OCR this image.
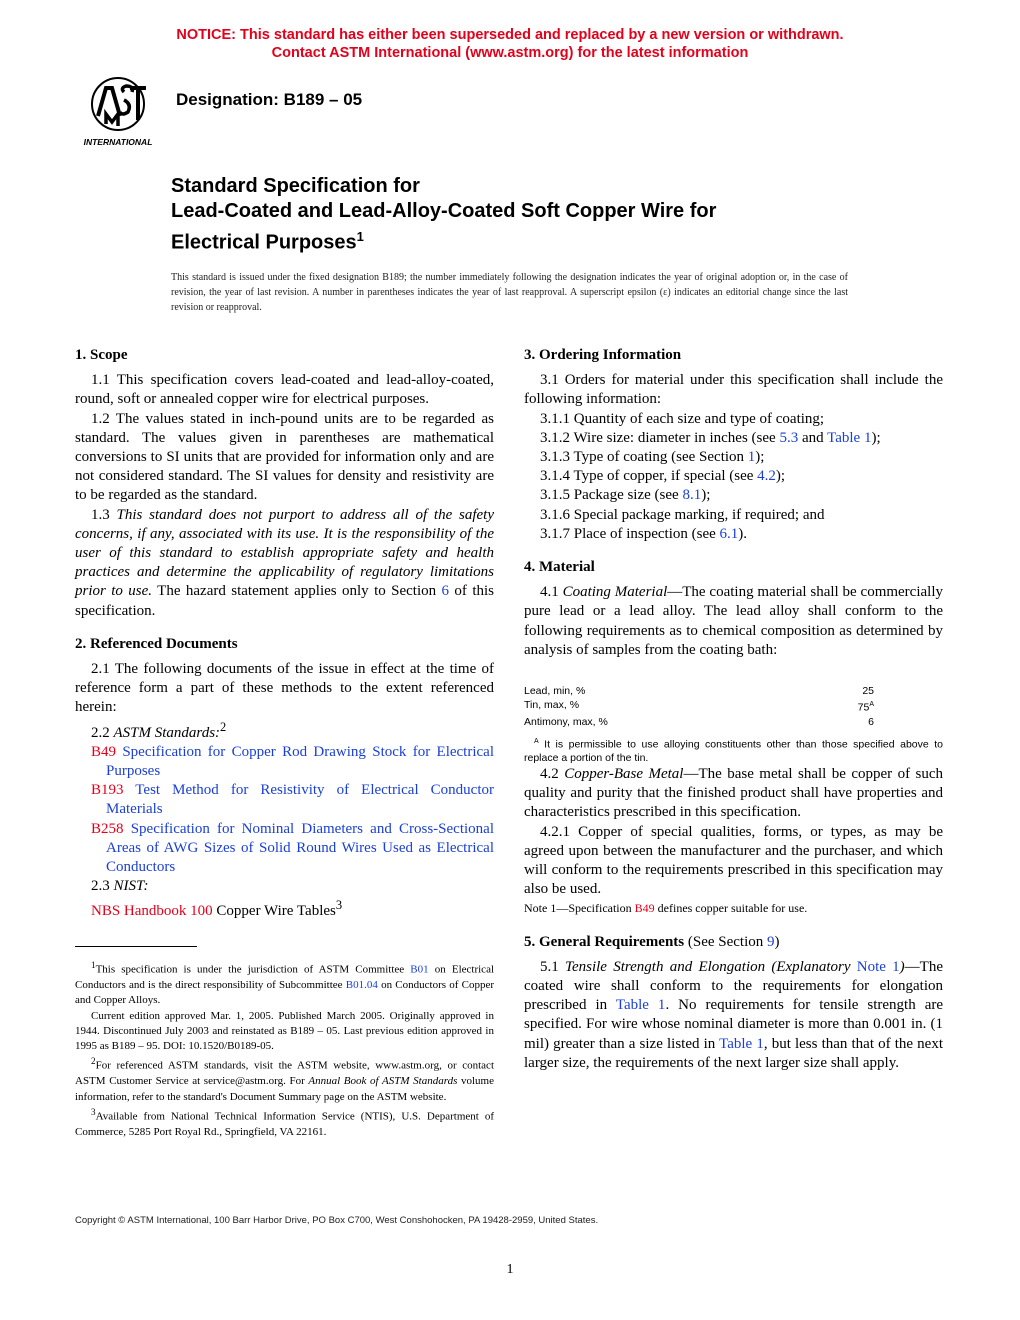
NOTICE: This standard has either been superseded and replaced by a new version or withdrawn.
Contact ASTM International (www.astm.org) for the latest information
INTERNATIONAL
Designation: B189 – 05
Standard Specification for
Lead-Coated and Lead-Alloy-Coated Soft Copper Wire for
Electrical Purposes$^1$
This standard is issued under the fixed designation B189; the number immediately following the designation indicates the year of original adoption or, in the case of revision, the year of last revision. A number in parentheses indicates the year of last reapproval. A superscript epsilon (ε) indicates an editorial change since the last revision or reapproval.
1. Scope

1.1 This specification covers lead-coated and lead-alloy-coated, round, soft or annealed copper wire for electrical purposes.

1.2 The values stated in inch-pound units are to be regarded as standard. The values given in parentheses are mathematical conversions to SI units that are provided for information only and are not considered standard. The SI values for density and resistivity are to be regarded as the standard.

1.3 This standard does not purport to address all of the safety concerns, if any, associated with its use. It is the responsibility of the user of this standard to establish appropriate safety and health practices and determine the applicability of regulatory limitations prior to use. The hazard statement applies only to Section 6 of this specification.

2. Referenced Documents

2.1 The following documents of the issue in effect at the time of reference form a part of these methods to the extent referenced herein:

2.2 ASTM Standards:$^2$

B49 Specification for Copper Rod Drawing Stock for Electrical Purposes

B193 Test Method for Resistivity of Electrical Conductor Materials

B258 Specification for Nominal Diameters and Cross-Sectional Areas of AWG Sizes of Solid Round Wires Used as Electrical Conductors

2.3 NIST:

NBS Handbook 100 Copper Wire Tables$^3$

$^1$This specification is under the jurisdiction of ASTM Committee B01 on Electrical Conductors and is the direct responsibility of Subcommittee B01.04 on Conductors of Copper and Copper Alloys.

Current edition approved Mar. 1, 2005. Published March 2005. Originally approved in 1944. Discontinued July 2003 and reinstated as B189 – 05. Last previous edition approved in 1995 as B189 – 95. DOI: 10.1520/B0189-05.

$^2$For referenced ASTM standards, visit the ASTM website, www.astm.org, or contact ASTM Customer Service at service@astm.org. For Annual Book of ASTM Standards volume information, refer to the standard's Document Summary page on the ASTM website.

$^3$Available from National Technical Information Service (NTIS), U.S. Department of Commerce, 5285 Port Royal Rd., Springfield, VA 22161.

3. Ordering Information

3.1 Orders for material under this specification shall include the following information:

3.1.1 Quantity of each size and type of coating;

3.1.2 Wire size: diameter in inches (see 5.3 and Table 1);

3.1.3 Type of coating (see Section 1);

3.1.4 Type of copper, if special (see 4.2);

3.1.5 Package size (see 8.1);

3.1.6 Special package marking, if required; and

3.1.7 Place of inspection (see 6.1).

4. Material

4.1 Coating Material—The coating material shall be commercially pure lead or a lead alloy. The lead alloy shall conform to the following requirements as to chemical composition as determined by analysis of samples from the coating bath:

Lead, min, %	25
Tin, max, %	$75^A$
Antimony, max, %	6

$^A$ It is permissible to use alloying constituents other than those specified above to replace a portion of the tin.

4.2 Copper-Base Metal—The base metal shall be copper of such quality and purity that the finished product shall have properties and characteristics prescribed in this specification.

4.2.1 Copper of special qualities, forms, or types, as may be agreed upon between the manufacturer and the purchaser, and which will conform to the requirements prescribed in this specification may also be used.

Note 1—Specification B49 defines copper suitable for use.

5. General Requirements (See Section 9)

5.1 Tensile Strength and Elongation (Explanatory Note 1)—The coated wire shall conform to the requirements for elongation prescribed in Table 1. No requirements for tensile strength are specified. For wire whose nominal diameter is more than 0.001 in. (1 mil) greater than a size listed in Table 1, but less than that of the next larger size, the requirements of the next larger size shall apply.

Copyright © ASTM International, 100 Barr Harbor Drive, PO Box C700, West Conshohocken, PA 19428-2959, United States.
1
